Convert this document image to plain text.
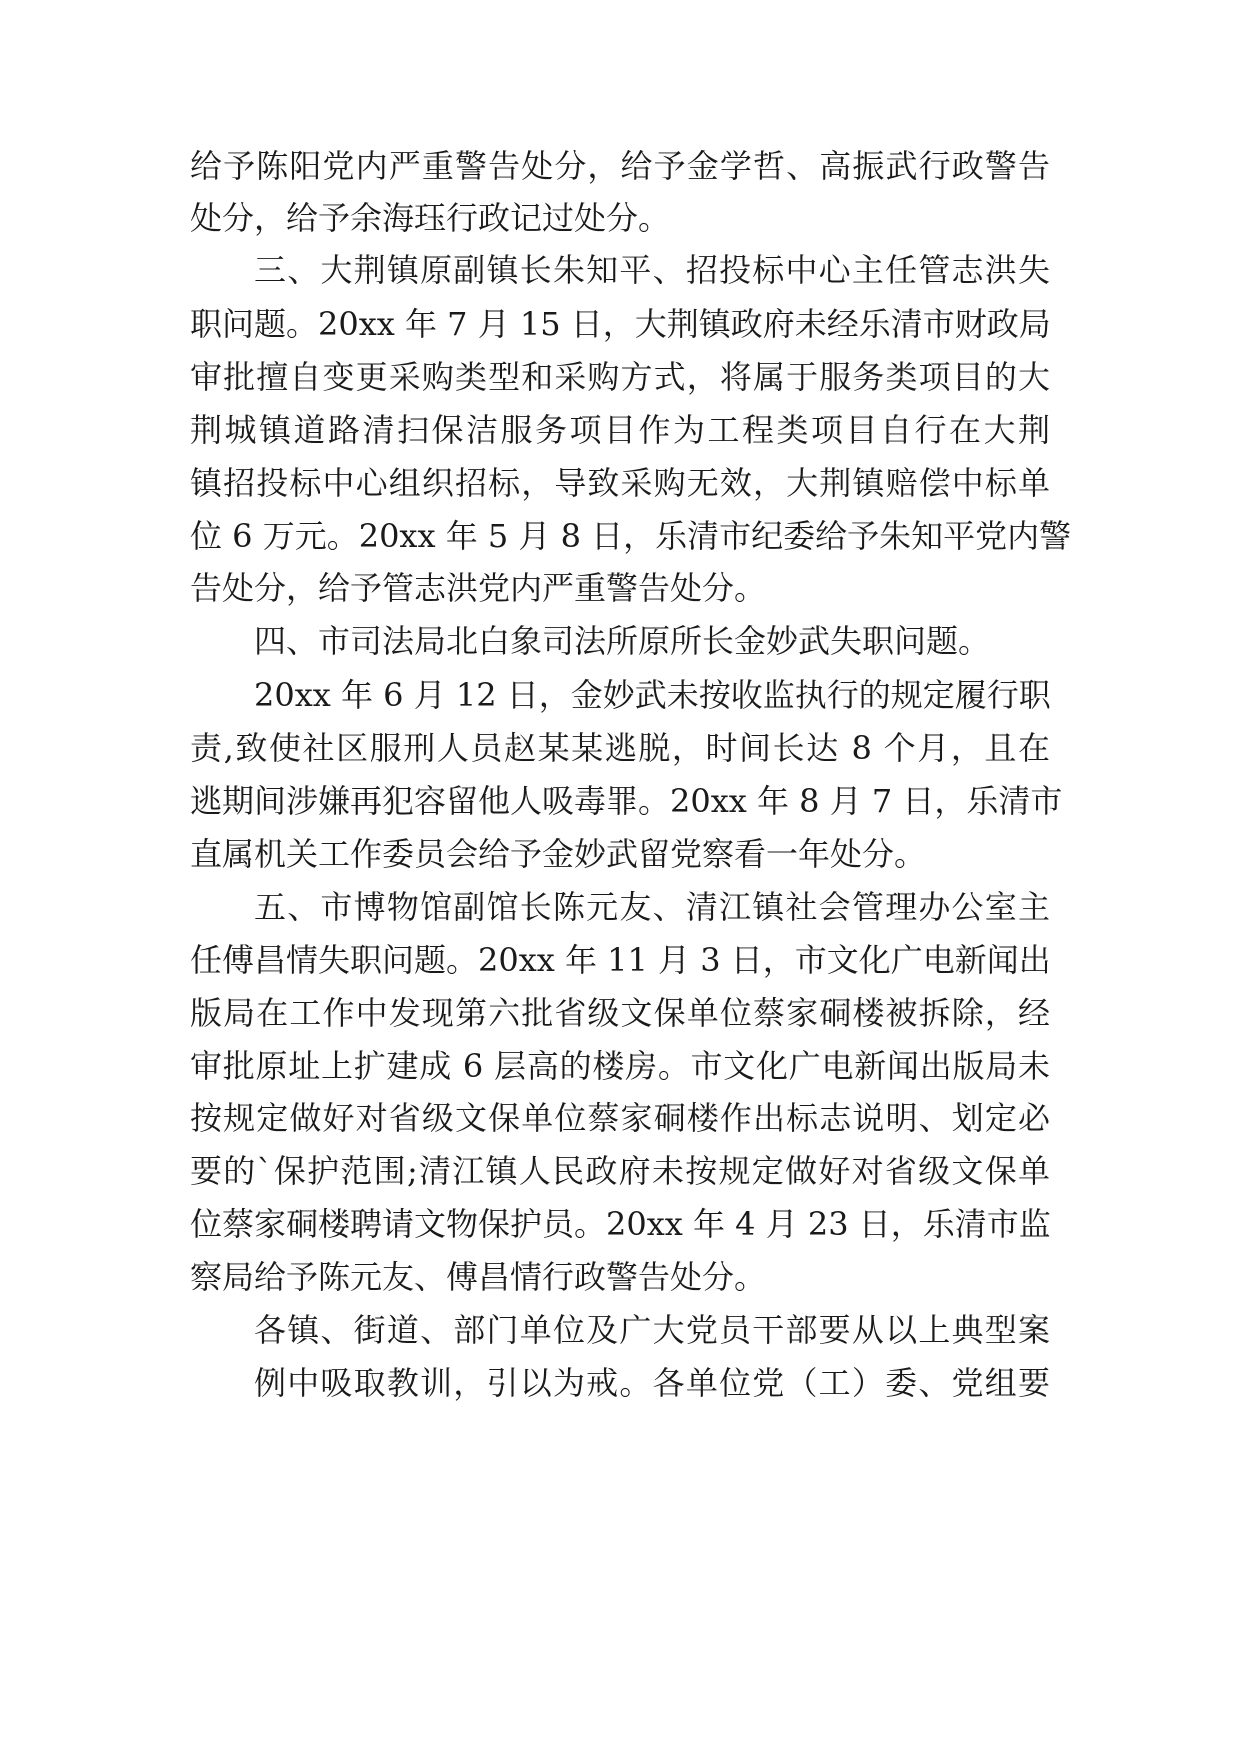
给予陈阳党内严重警告处分，给予金学哲、高振武行政警告
处分，给予余海珏行政记过处分。
三、大荆镇原副镇长朱知平、招投标中心主任管志洪失
职问题。20xx 年 7 月 15 日，大荆镇政府未经乐清市财政局
审批擅自变更采购类型和采购方式，将属于服务类项目的大
荆城镇道路清扫保洁服务项目作为工程类项目自行在大荆
镇招投标中心组织招标，导致采购无效，大荆镇赔偿中标单
位 6 万元。20xx 年 5 月 8 日，乐清市纪委给予朱知平党内警
告处分，给予管志洪党内严重警告处分。
四、市司法局北白象司法所原所长金妙武失职问题。
20xx 年 6 月 12 日，金妙武未按收监执行的规定履行职
责,致使社区服刑人员赵某某逃脱，时间长达 8 个月，且在
逃期间涉嫌再犯容留他人吸毒罪。20xx 年 8 月 7 日，乐清市
直属机关工作委员会给予金妙武留党察看一年处分。
五、市博物馆副馆长陈元友、清江镇社会管理办公室主
任傅昌情失职问题。20xx 年 11 月 3 日，市文化广电新闻出
版局在工作中发现第六批省级文保单位蔡家硐楼被拆除，经
审批原址上扩建成 6 层高的楼房。市文化广电新闻出版局未
按规定做好对省级文保单位蔡家硐楼作出标志说明、划定必
要的`保护范围;清江镇人民政府未按规定做好对省级文保单
位蔡家硐楼聘请文物保护员。20xx 年 4 月 23 日，乐清市监
察局给予陈元友、傅昌情行政警告处分。
各镇、街道、部门单位及广大党员干部要从以上典型案
例中吸取教训，引以为戒。各单位党（工）委、党组要
